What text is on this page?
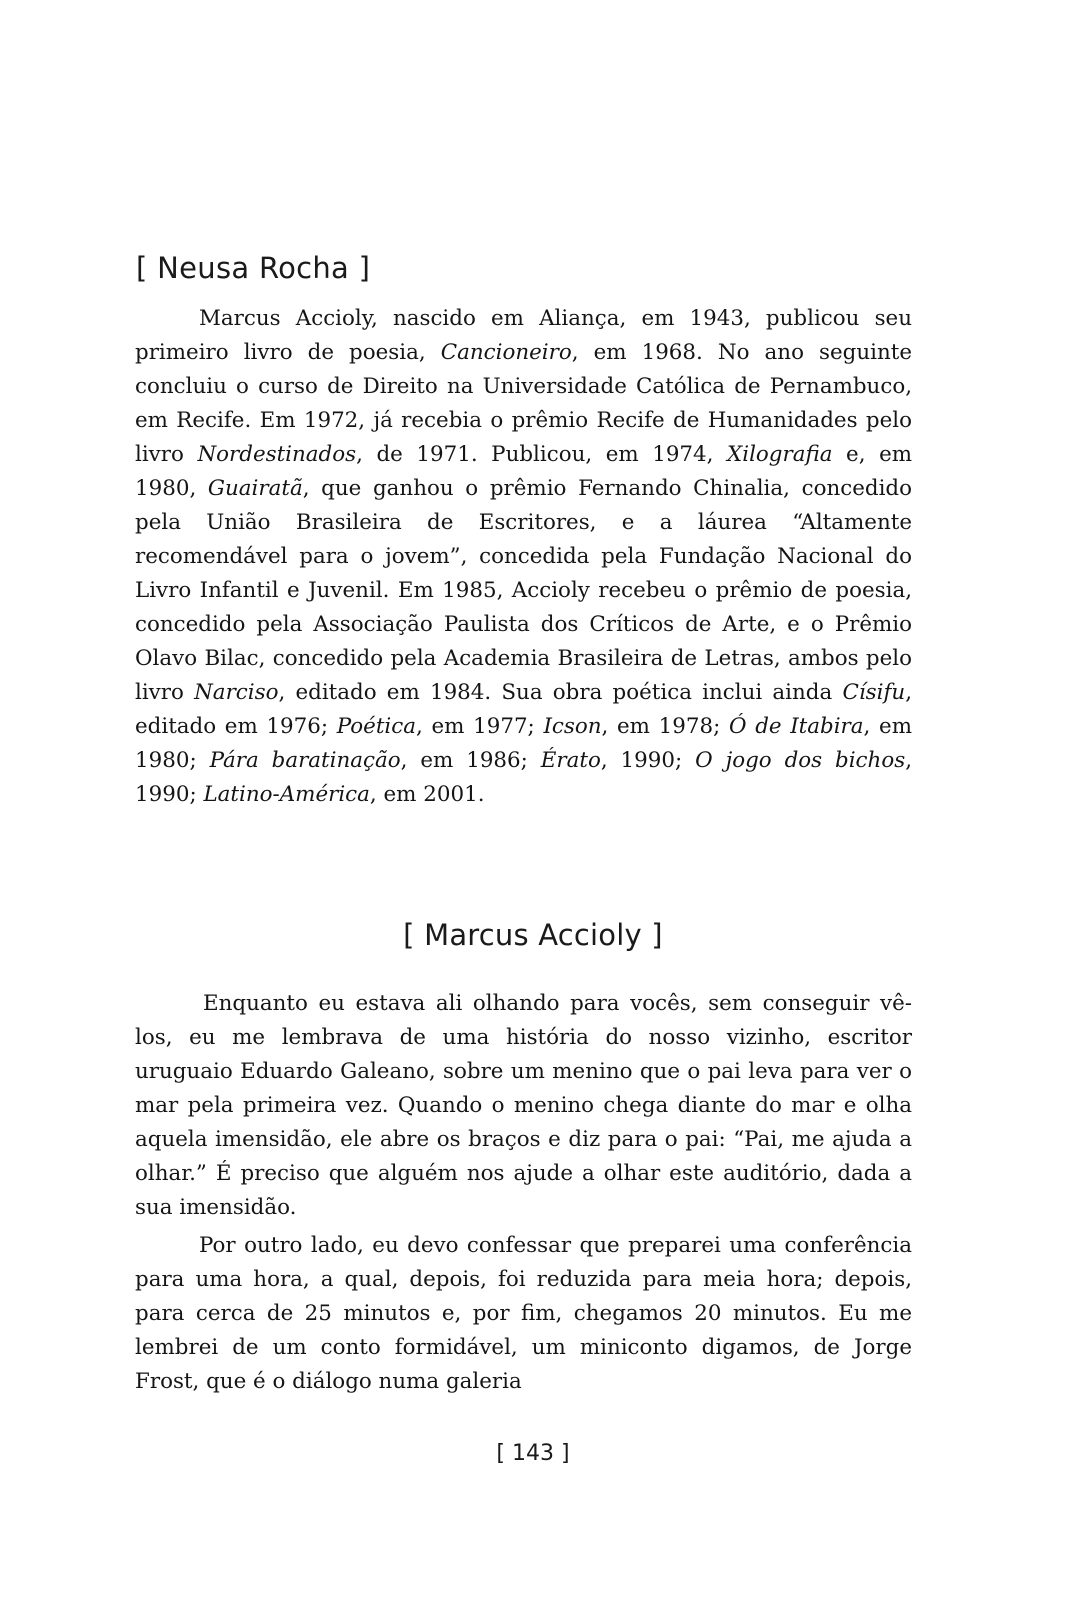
[ Neusa Rocha ]

Marcus Accioly, nascido em Aliança, em 1943, publicou seu primeiro livro de poesia, Cancioneiro, em 1968. No ano seguinte concluiu o curso de Direito na Universidade Católica de Pernambuco, em Recife. Em 1972, já recebia o prêmio Recife de Humanidades pelo livro Nordestinados, de 1971. Publicou, em 1974, Xilografia e, em 1980, Guairatã, que ganhou o prêmio Fernando Chinalia, concedido pela União Brasileira de Escritores, e a láurea “Altamente recomendável para o jovem”, concedida pela Fundação Nacional do Livro Infantil e Juvenil. Em 1985, Accioly recebeu o prêmio de poesia, concedido pela Associação Paulista dos Críticos de Arte, e o Prêmio Olavo Bilac, concedido pela Academia Brasileira de Letras, ambos pelo livro Narciso, editado em 1984. Sua obra poética inclui ainda Císifu, editado em 1976; Poética, em 1977; Icson, em 1978; Ó de Itabira, em 1980; Pára baratinação, em 1986; Érato, 1990; O jogo dos bichos, 1990; Latino-América, em 2001.

[ Marcus Accioly ]

Enquanto eu estava ali olhando para vocês, sem conseguir vê-los, eu me lembrava de uma história do nosso vizinho, escritor uruguaio Eduardo Galeano, sobre um menino que o pai leva para ver o mar pela primeira vez. Quando o menino chega diante do mar e olha aquela imensidão, ele abre os braços e diz para o pai: “Pai, me ajuda a olhar.” É preciso que alguém nos ajude a olhar este auditório, dada a sua imensidão.

Por outro lado, eu devo confessar que preparei uma conferência para uma hora, a qual, depois, foi reduzida para meia hora; depois, para cerca de 25 minutos e, por fim, chegamos 20 minutos. Eu me lembrei de um conto formidável, um miniconto digamos, de Jorge Frost, que é o diálogo numa galeria

[ 143 ]
